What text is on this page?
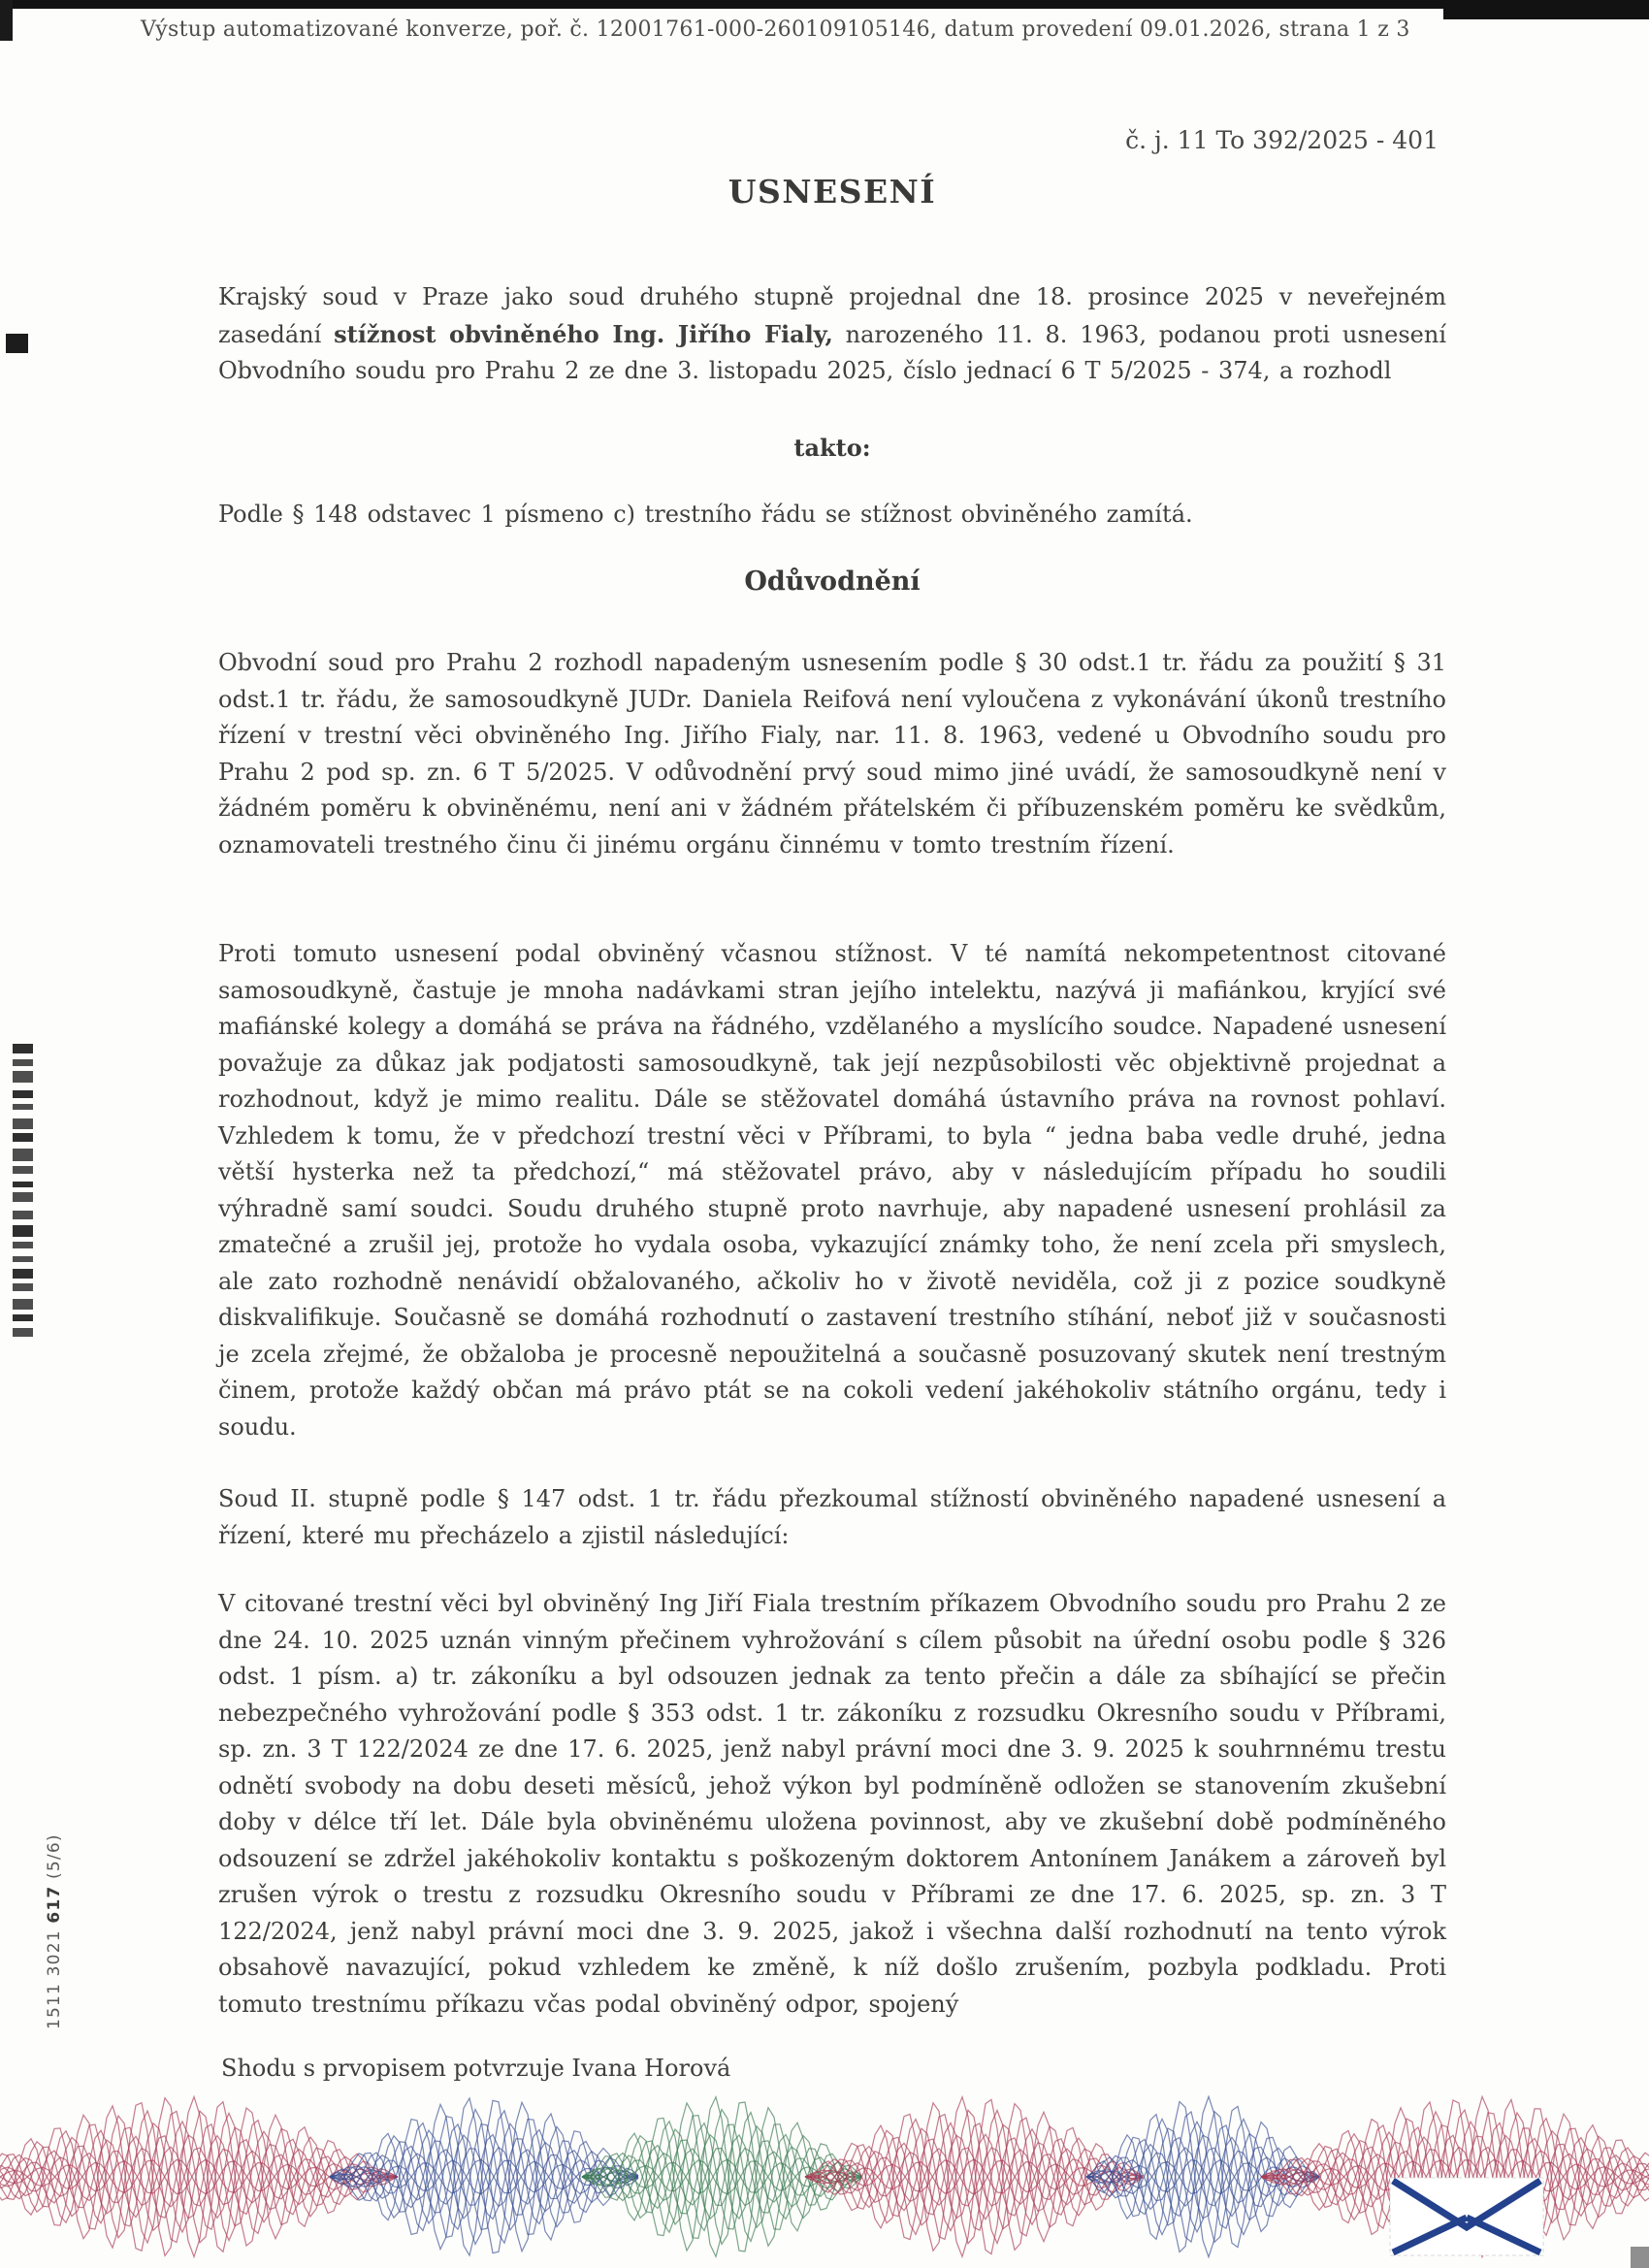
Výstup automatizované konverze, poř. č. 12001761-000-260109105146, datum provedení 09.01.2026, strana 1 z 3
č. j. 11 To 392/2025 - 401
USNESENÍ

Krajský soud v Praze jako soud druhého stupně projednal dne 18. prosince 2025 v neveřejném zasedání stížnost obviněného Ing. Jiřího Fialy, narozeného 11. 8. 1963, podanou proti usnesení Obvodního soudu pro Prahu 2 ze dne 3. listopadu 2025, číslo jednací 6 T 5/2025 - 374, a rozhodl

takto:

Podle § 148 odstavec 1 písmeno c) trestního řádu se stížnost obviněného zamítá.

Odůvodnění

Obvodní soud pro Prahu 2 rozhodl napadeným usnesením podle § 30 odst.1 tr. řádu za použití § 31 odst.1 tr. řádu, že samosoudkyně JUDr. Daniela Reifová není vyloučena z vykonávání úkonů trestního řízení v trestní věci obviněného Ing. Jiřího Fialy, nar. 11. 8. 1963, vedené u Obvodního soudu pro Prahu 2 pod sp. zn. 6 T 5/2025. V odůvodnění prvý soud mimo jiné uvádí, že samosoudkyně není v žádném poměru k obviněnému, není ani v žádném přátelském či příbuzenském poměru ke svědkům, oznamovateli trestného činu či jinému orgánu činnému v tomto trestním řízení.

Proti tomuto usnesení podal obviněný včasnou stížnost. V té namítá nekompetentnost citované samosoudkyně, častuje je mnoha nadávkami stran jejího intelektu, nazývá ji mafiánkou, kryjící své mafiánské kolegy a domáhá se práva na řádného, vzdělaného a myslícího soudce. Napadené usnesení považuje za důkaz jak podjatosti samosoudkyně, tak její nezpůsobilosti věc objektivně projednat a rozhodnout, když je mimo realitu. Dále se stěžovatel domáhá ústavního práva na rovnost pohlaví. Vzhledem k tomu, že v předchozí trestní věci v Příbrami, to byla “ jedna baba vedle druhé, jedna větší hysterka než ta předchozí,“ má stěžovatel právo, aby v následujícím případu ho soudili výhradně samí soudci. Soudu druhého stupně proto navrhuje, aby napadené usnesení prohlásil za zmatečné a zrušil jej, protože ho vydala osoba, vykazující známky toho, že není zcela při smyslech, ale zato rozhodně nenávidí obžalovaného, ačkoliv ho v životě neviděla, což ji z pozice soudkyně diskvalifikuje. Současně se domáhá rozhodnutí o zastavení trestního stíhání, neboť již v současnosti je zcela zřejmé, že obžaloba je procesně nepoužitelná a současně posuzovaný skutek není trestným činem, protože každý občan má právo ptát se na cokoli vedení jakéhokoliv státního orgánu, tedy i soudu.

Soud II. stupně podle § 147 odst. 1 tr. řádu přezkoumal stížností obviněného napadené usnesení a řízení, které mu přecházelo a zjistil následující:

V citované trestní věci byl obviněný Ing Jiří Fiala trestním příkazem Obvodního soudu pro Prahu 2 ze dne 24. 10. 2025 uznán vinným přečinem vyhrožování s cílem působit na úřední osobu podle § 326 odst. 1 písm. a) tr. zákoníku a byl odsouzen jednak za tento přečin a dále za sbíhající se přečin nebezpečného vyhrožování podle § 353 odst. 1 tr. zákoníku z rozsudku Okresního soudu v Příbrami, sp. zn. 3 T 122/2024 ze dne 17. 6. 2025, jenž nabyl právní moci dne 3. 9. 2025 k souhrnnému trestu odnětí svobody na dobu deseti měsíců, jehož výkon byl podmíněně odložen se stanovením zkušební doby v délce tří let. Dále byla obviněnému uložena povinnost, aby ve zkušební době podmíněného odsouzení se zdržel jakéhokoliv kontaktu s poškozeným doktorem Antonínem Janákem a zároveň byl zrušen výrok o trestu z rozsudku Okresního soudu v Příbrami ze dne 17. 6. 2025, sp. zn. 3 T 122/2024, jenž nabyl právní moci dne 3. 9. 2025, jakož i všechna další rozhodnutí na tento výrok obsahově navazující, pokud vzhledem ke změně, k níž došlo zrušením, pozbyla podkladu. Proti tomuto trestnímu příkazu včas podal obviněný odpor, spojený

Shodu s prvopisem potvrzuje Ivana Horová

1511 3021 617 (5/6)
